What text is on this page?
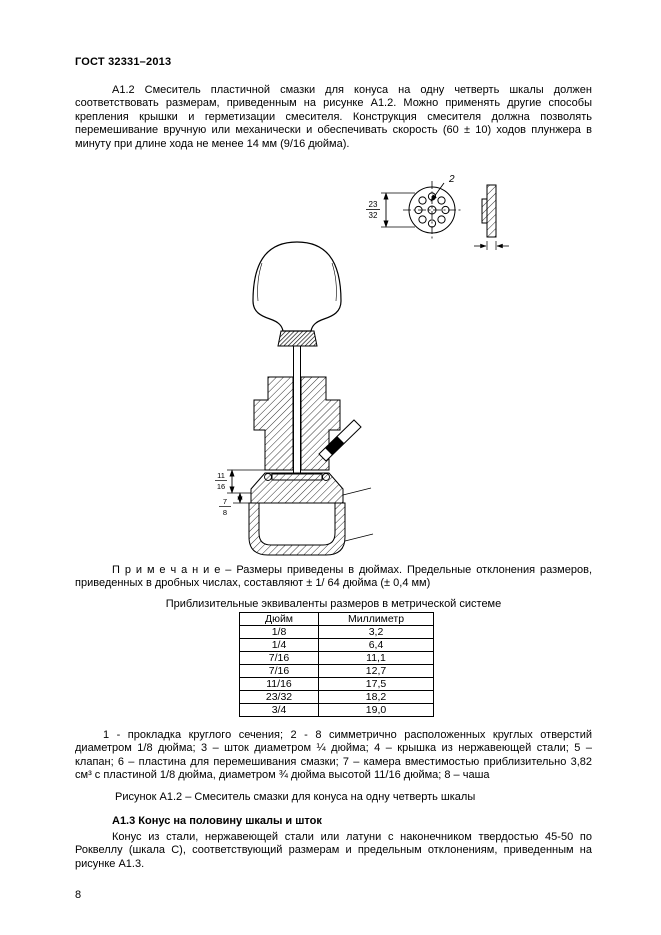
ГОСТ 32331–2013

А1.2 Смеситель пластичной смазки для конуса на одну четверть шкалы должен соответствовать размерам, приведенным на рисунке А1.2. Можно применять другие способы крепления крышки и герметизации смесителя. Конструкция смесителя должна позволять перемешивание вручную или механически и обеспечивать скорость (60 ± 10) ходов плунжера в минуту при длине хода не менее 14 мм (9/16 дюйма).

2
23
32
11
16
7
8

П р и м е ч а н и е – Размеры приведены в дюймах. Предельные отклонения размеров, приведенных в дробных числах, составляют ± 1/ 64 дюйма (± 0,4 мм)

Приблизительные эквиваленты размеров в метрической системе
Дюйм	Миллиметр
1/8	3,2
1/4	6,4
7/16	11,1
7/16	12,7
11/16	17,5
23/32	18,2
3/4	19,0

1 - прокладка круглого сечения; 2 - 8 симметрично расположенных круглых отверстий диаметром 1/8 дюйма; 3 – шток диаметром ¼ дюйма; 4 – крышка из нержавеющей стали; 5 – клапан; 6 – пластина для перемешивания смазки; 7 – камера вместимостью приблизительно 3,82 см³ с пластиной 1/8 дюйма, диаметром ¾ дюйма высотой 11/16 дюйма; 8 – чаша

Рисунок А1.2 – Смеситель смазки для конуса на одну четверть шкалы
А1.3 Конус на половину шкалы и шток

Конус из стали, нержавеющей стали или латуни с наконечником твердостью 45-50 по Роквеллу (шкала С), соответствующий размерам и предельным отклонениям, приведенным на рисунке А1.3.

8
